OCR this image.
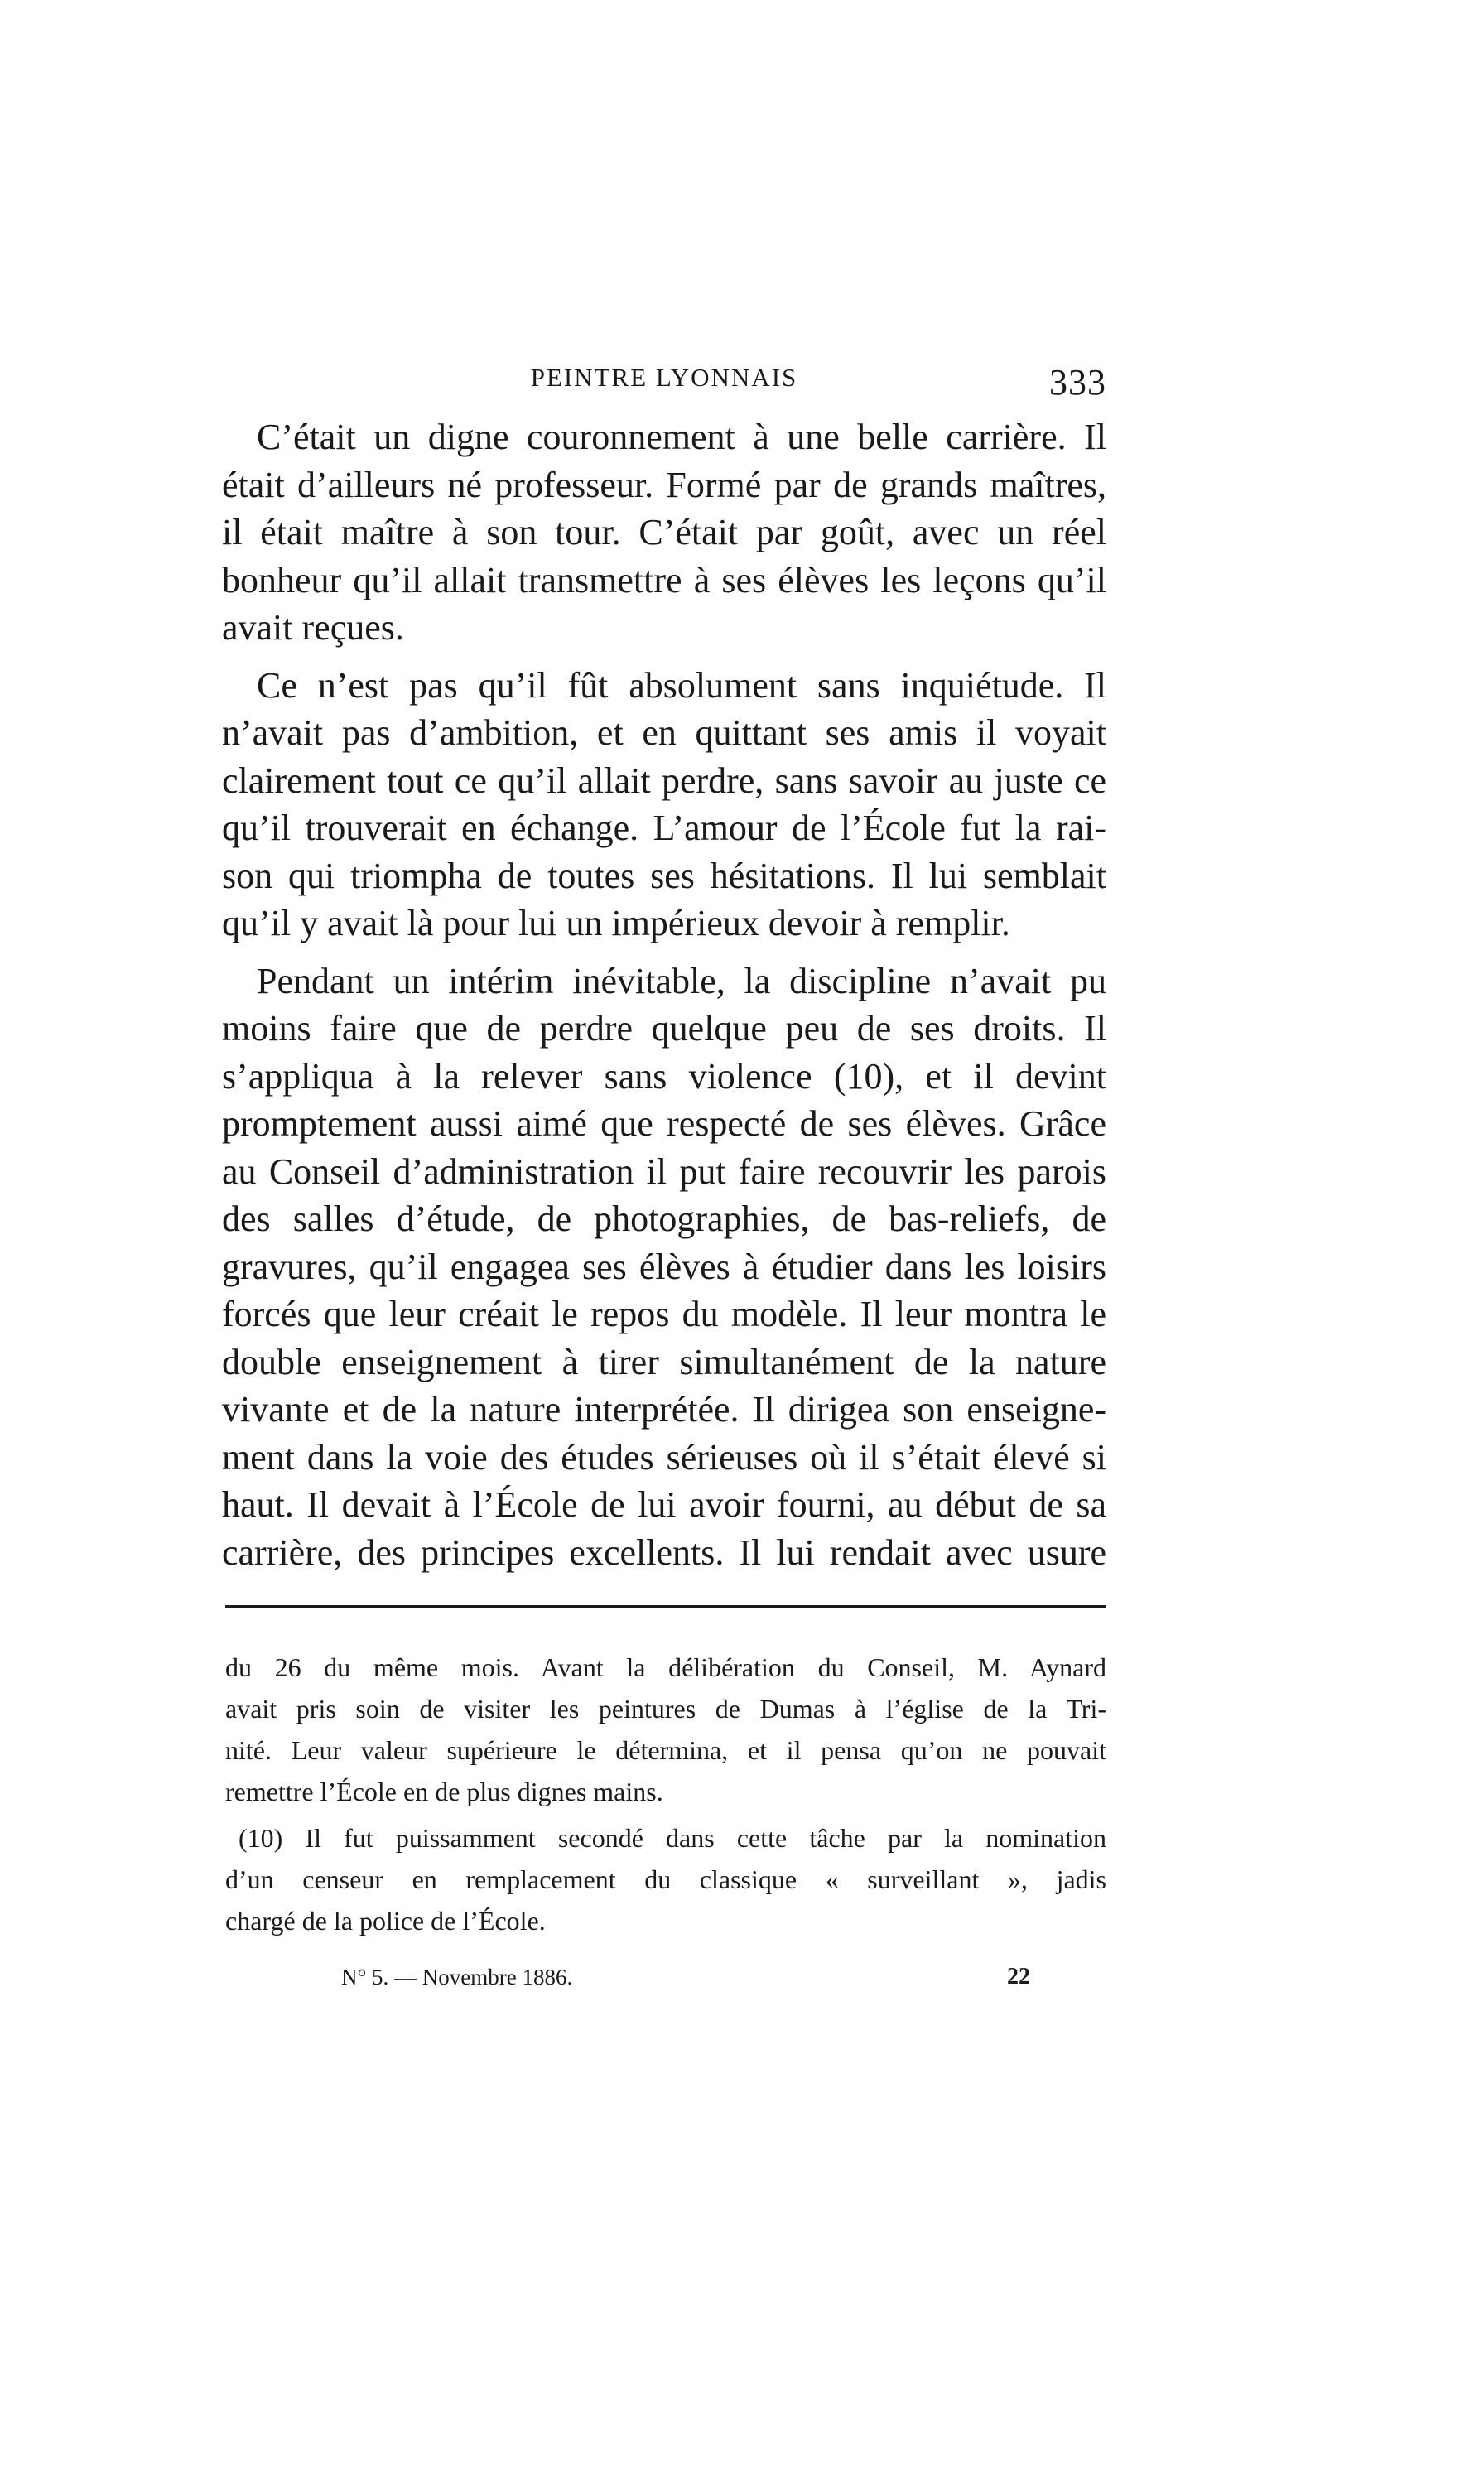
PEINTRE LYONNAIS	333
C’était un digne couronnement à une belle carrière. Il
était d’ailleurs né professeur. Formé par de grands maîtres,
il était maître à son tour. C’était par goût, avec un réel
bonheur qu’il allait transmettre à ses élèves les leçons qu’il
avait reçues.
Ce n’est pas qu’il fût absolument sans inquiétude. Il
n’avait pas d’ambition, et en quittant ses amis il voyait
clairement tout ce qu’il allait perdre, sans savoir au juste ce
qu’il trouverait en échange. L’amour de l’École fut la rai-
son qui triompha de toutes ses hésitations. Il lui semblait
qu’il y avait là pour lui un impérieux devoir à remplir.
Pendant un intérim inévitable, la discipline n’avait pu
moins faire que de perdre quelque peu de ses droits. Il
s’appliqua à la relever sans violence (10), et il devint
promptement aussi aimé que respecté de ses élèves. Grâce
au Conseil d’administration il put faire recouvrir les parois
des salles d’étude, de photographies, de bas-reliefs, de
gravures, qu’il engagea ses élèves à étudier dans les loisirs
forcés que leur créait le repos du modèle. Il leur montra le
double enseignement à tirer simultanément de la nature
vivante et de la nature interprétée. Il dirigea son enseigne-
ment dans la voie des études sérieuses où il s’était élevé si
haut. Il devait à l’École de lui avoir fourni, au début de sa
carrière, des principes excellents. Il lui rendait avec usure
du 26 du même mois. Avant la délibération du Conseil, M. Aynard
avait pris soin de visiter les peintures de Dumas à l’église de la Tri-
nité. Leur valeur supérieure le détermina, et il pensa qu’on ne pouvait
remettre l’École en de plus dignes mains.
(10) Il fut puissamment secondé dans cette tâche par la nomination
d’un censeur en remplacement du classique « surveillant », jadis
chargé de la police de l’École.
N° 5. — Novembre 1886.	22
